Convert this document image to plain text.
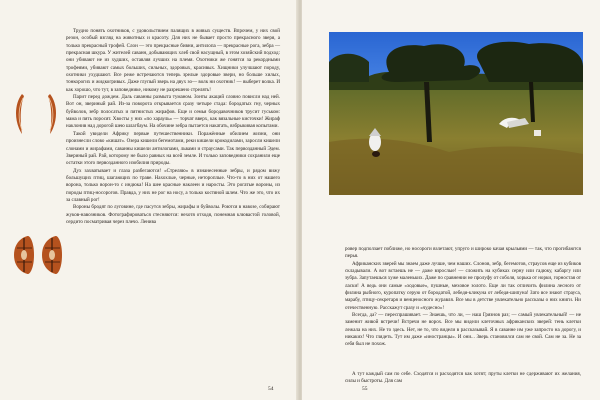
Трудно понять охотников, с удовольствием палящих в живых существ. Впрочем, у них свой резон, особый взгляд на животных и красоту. Для них не бывает просто прекрасного зверя, а только прекрасный трофей. Слон — это прекрасные бивни, антилопа — прекрасные рога, зебра — прекрасная шкура. У жителей саванн, добывающих хлеб свой насущный, в этом хозяйский подход: они убивают не из худших, оставляя лучших на племя. Охотники же гонятся за рекордными трофеями, убивают самых больших, сильных, здоровых, красивых. Хищники улучшают породу, охотники ухудшают. Все реже встречаются теперь зрелые здоровые звери, но больше хилых, тонкорогих и жидкогривых. Даже глупый зверь на двух зо— волк ни охотник! — выберет волка. И как хорошо, что тут, в заповеднике, никому не разрешено стрелять!

Парит перед дождем. Даль саванны размыта туманом. Зонты акаций словно повисли над ней. Вот он, звериный рай. Из-за поворота открывается сразу четыре стада: бородатых гну, черных буйволов, зебр полосатых и пятнистых жирафов. Еще и семья бородавочников трусит гуськом: мама и пять поросят. Хвосты у них «по харауль» — торчат вверх, как вязальные кисточки! Жираф наклонив над дорогой шею шлагбаум. На обочине зебра пытается накатать, взбрыкивая копытами.

Такой увидели Африку первые путешественники. Поражённые обилием жизни, они произнесли слово «кишат». Озера кишели бегемотами, реки кишели крокодилами, заросли кишели слонами и жирафами, саванны кишели антилопами, львами и страусами. Так первозданный Эдем. Звериный рай. Рай, которому не было равных на всей земле. И только заповедники сохранили еще остатки этого первозданного изобилия природы.

Дух захватывает и глаза разбегаются! «Стреляю» в изнанесенные зебры, и рядом вижу большущих птиц, шагающих по траве. Нахохлые, черные, нетороплые. Что-то в них от нашего ворона, только ворон-то с индюка! На шее красные наклеен и наросты. Это рогатые вороны, из породы птиц-носорогов. Правда, у них не рог на носу, а только костяной шлем. Что же это, что их за славный рог!

Вороны бродят по луговине, где пасутся зебры, жирафы и буйволы. Роются в навозе, собирают жуков-навозников. Фотографироваться стесняются: нехотя отходя, понемная клювастой головой, сердито посматривая через плечо. Ленива

54

ровер подползает поближе, но носороги взлетают, упруго и широко качая крыльями — так, что прогибаются перья.

Африканских зверей мы знаем даже лучше, чем наших. Слонов, зебр, бегемотов, страусов еще из кубиков складывали. А вот встаешь не — даже взрослые! — сложить на кубиках серну или гадюку, кабаргу или зубра. Запутаешься хуже маленьких. Даже по сравнении не пролуфу от соболя, хорька от норки, горностая от ласки! А ведь они самые «ходовые», пушные, меховое золото. Еще ли так отличить филина лесного от филина рыбного, куропатку серую от бородатой, лебедя-кликуна от лебедя-шипуна! Зато все знают страуса, марабу, птицу-секретаря и венценосного журавля. Все мы в детстве увлекательно рассказы о них книги. Ни отечественную. Расскажут сразу и «чудесно»!

Всегда, да? — переспрашивает. — Знаешь, что ли, — наш Грязнов раз; — самый увлекательный! — не заменит живой встречи! Встречи не ворох. Все мы видели клеточных африканских зверей: тень клетки лежала на них. Не то здесь. Нет, не то, что видели в рассказывай. Я в саванне им уже запросто на дорогу, и никаких! Что глядеть. Тут им даже «иностранцы». И они... Зверь становился сам не свой. Сам не за. Не за себя был не похож.

А тут каждый сам по себе. Сходятся и расходятся как хотят; пруты клетки не сдерживают их желания, силы и быстроты. Для сам

55
